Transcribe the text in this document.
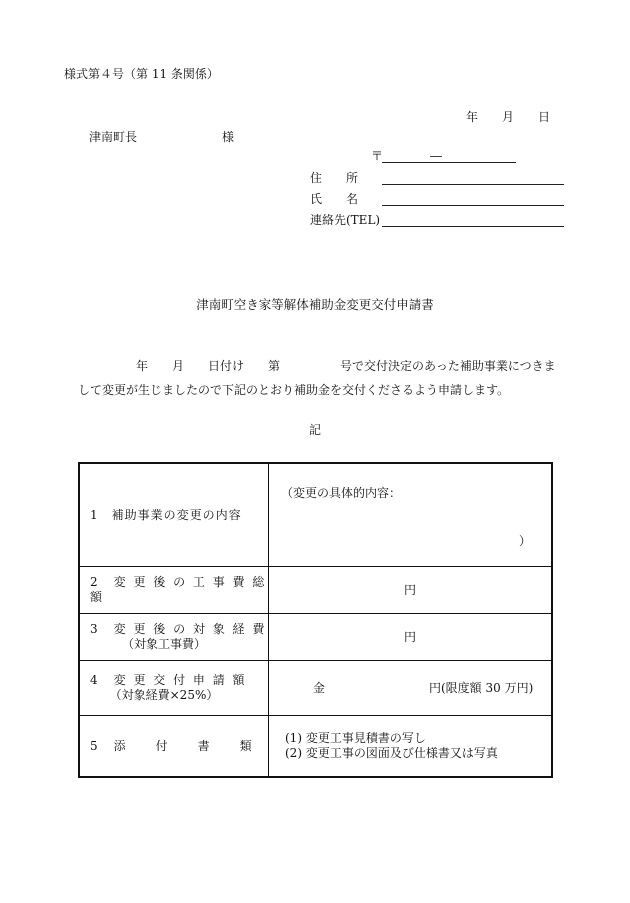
様式第４号（第 11 条関係）
年 月 日
津南町長	様
〒	―
住　　所
氏　　名
連絡先(TEL)
津南町空き家等解体補助金変更交付申請書
年　　月　　日付け　　第　　　　　号で交付決定のあった補助事業につきま
して変更が生じましたので下記のとおり補助金を交付くださるよう申請します。
記
1　補助事業の変更の内容	（変更の具体的内容：
）

2　変 更 後 の 工 事 費 総 額	円

3　変 更 後 の 対 象 経 費
（対象工事費）	円

4　変 更 交 付 申 請 額
（対象経費×25%）	金 円(限度額 30 万円)

5　添　　付　　書　　類	(1) 変更工事見積書の写し
(2) 変更工事の図面及び仕様書又は写真
